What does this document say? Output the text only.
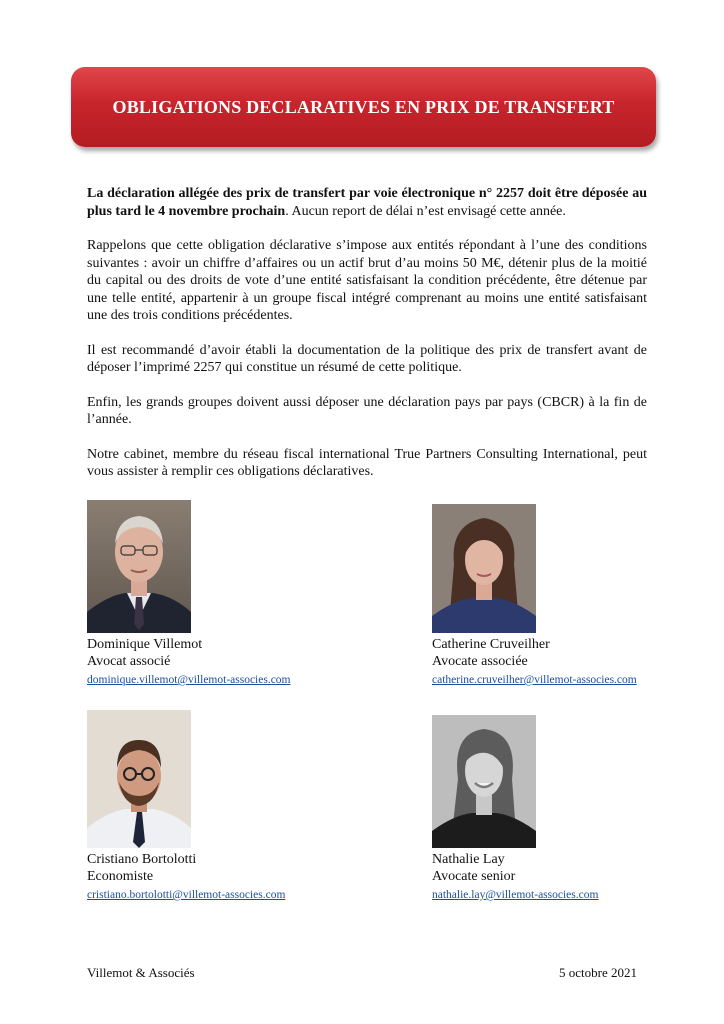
OBLIGATIONS DECLARATIVES EN PRIX DE TRANSFERT

La déclaration allégée des prix de transfert par voie électronique n° 2257 doit être déposée au plus tard le 4 novembre prochain. Aucun report de délai n’est envisagé cette année.

Rappelons que cette obligation déclarative s’impose aux entités répondant à l’une des conditions suivantes : avoir un chiffre d’affaires ou un actif brut d’au moins 50 M€, détenir plus de la moitié du capital ou des droits de vote d’une entité satisfaisant la condition précédente, être détenue par une telle entité, appartenir à un groupe fiscal intégré comprenant au moins une entité satisfaisant une des trois conditions précédentes.

Il est recommandé d’avoir établi la documentation de la politique des prix de transfert avant de déposer l’imprimé 2257 qui constitue un résumé de cette politique.

Enfin, les grands groupes doivent aussi déposer une déclaration pays par pays (CBCR) à la fin de l’année.

Notre cabinet, membre du réseau fiscal international True Partners Consulting International, peut vous assister à remplir ces obligations déclaratives.

Dominique Villemot
Avocat associé
dominique.villemot@villemot-associes.com
Catherine Cruveilher
Avocate associée
catherine.cruveilher@villemot-associes.com
Cristiano Bortolotti
Economiste
cristiano.bortolotti@villemot-associes.com
Nathalie Lay
Avocate senior
nathalie.lay@villemot-associes.com
Villemot & Associés	5 octobre 2021
